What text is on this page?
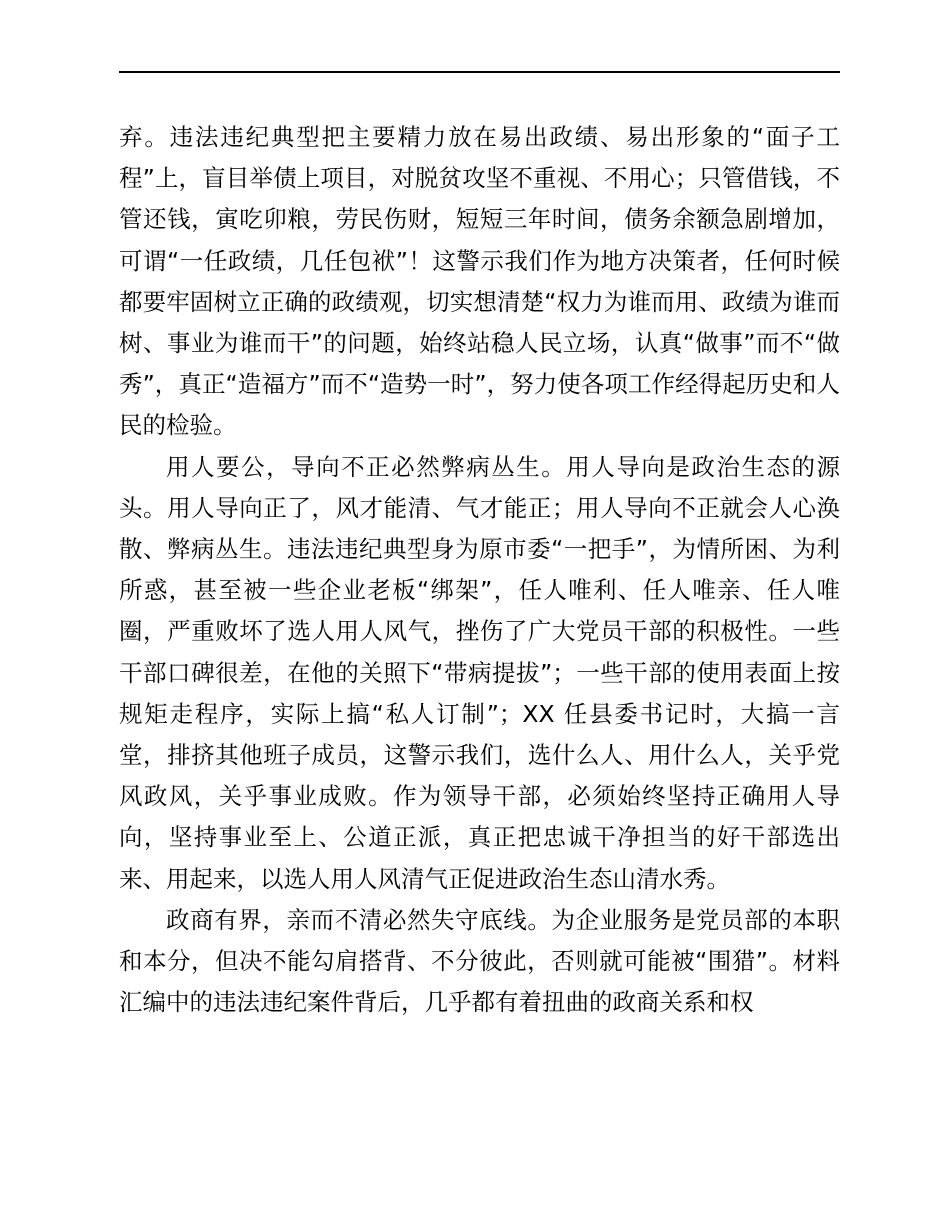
弃。违法违纪典型把主要精力放在易出政绩、易出形象的“面子工程”上，盲目举债上项目，对脱贫攻坚不重视、不用心；只管借钱，不管还钱，寅吃卯粮，劳民伤财，短短三年时间，债务余额急剧增加，可谓“一任政绩，几任包袱”！这警示我们作为地方决策者，任何时候都要牢固树立正确的政绩观，切实想清楚“权力为谁而用、政绩为谁而树、事业为谁而干”的问题，始终站稳人民立场，认真“做事”而不“做秀”，真正“造福方”而不“造势一时”，努力使各项工作经得起历史和人民的检验。

用人要公，导向不正必然弊病丛生。用人导向是政治生态的源头。用人导向正了，风才能清、气才能正；用人导向不正就会人心涣散、弊病丛生。违法违纪典型身为原市委“一把手”，为情所困、为利所惑，甚至被一些企业老板“绑架”，任人唯利、任人唯亲、任人唯圈，严重败坏了选人用人风气，挫伤了广大党员干部的积极性。一些干部口碑很差，在他的关照下“带病提拔”；一些干部的使用表面上按规矩走程序，实际上搞“私人订制”；XX 任县委书记时，大搞一言堂，排挤其他班子成员，这警示我们，选什么人、用什么人，关乎党风政风，关乎事业成败。作为领导干部，必须始终坚持正确用人导向，坚持事业至上、公道正派，真正把忠诚干净担当的好干部选出来、用起来，以选人用人风清气正促进政治生态山清水秀。

政商有界，亲而不清必然失守底线。为企业服务是党员部的本职和本分，但决不能勾肩搭背、不分彼此，否则就可能被“围猎”。材料汇编中的违法违纪案件背后，几乎都有着扭曲的政商关系和权
